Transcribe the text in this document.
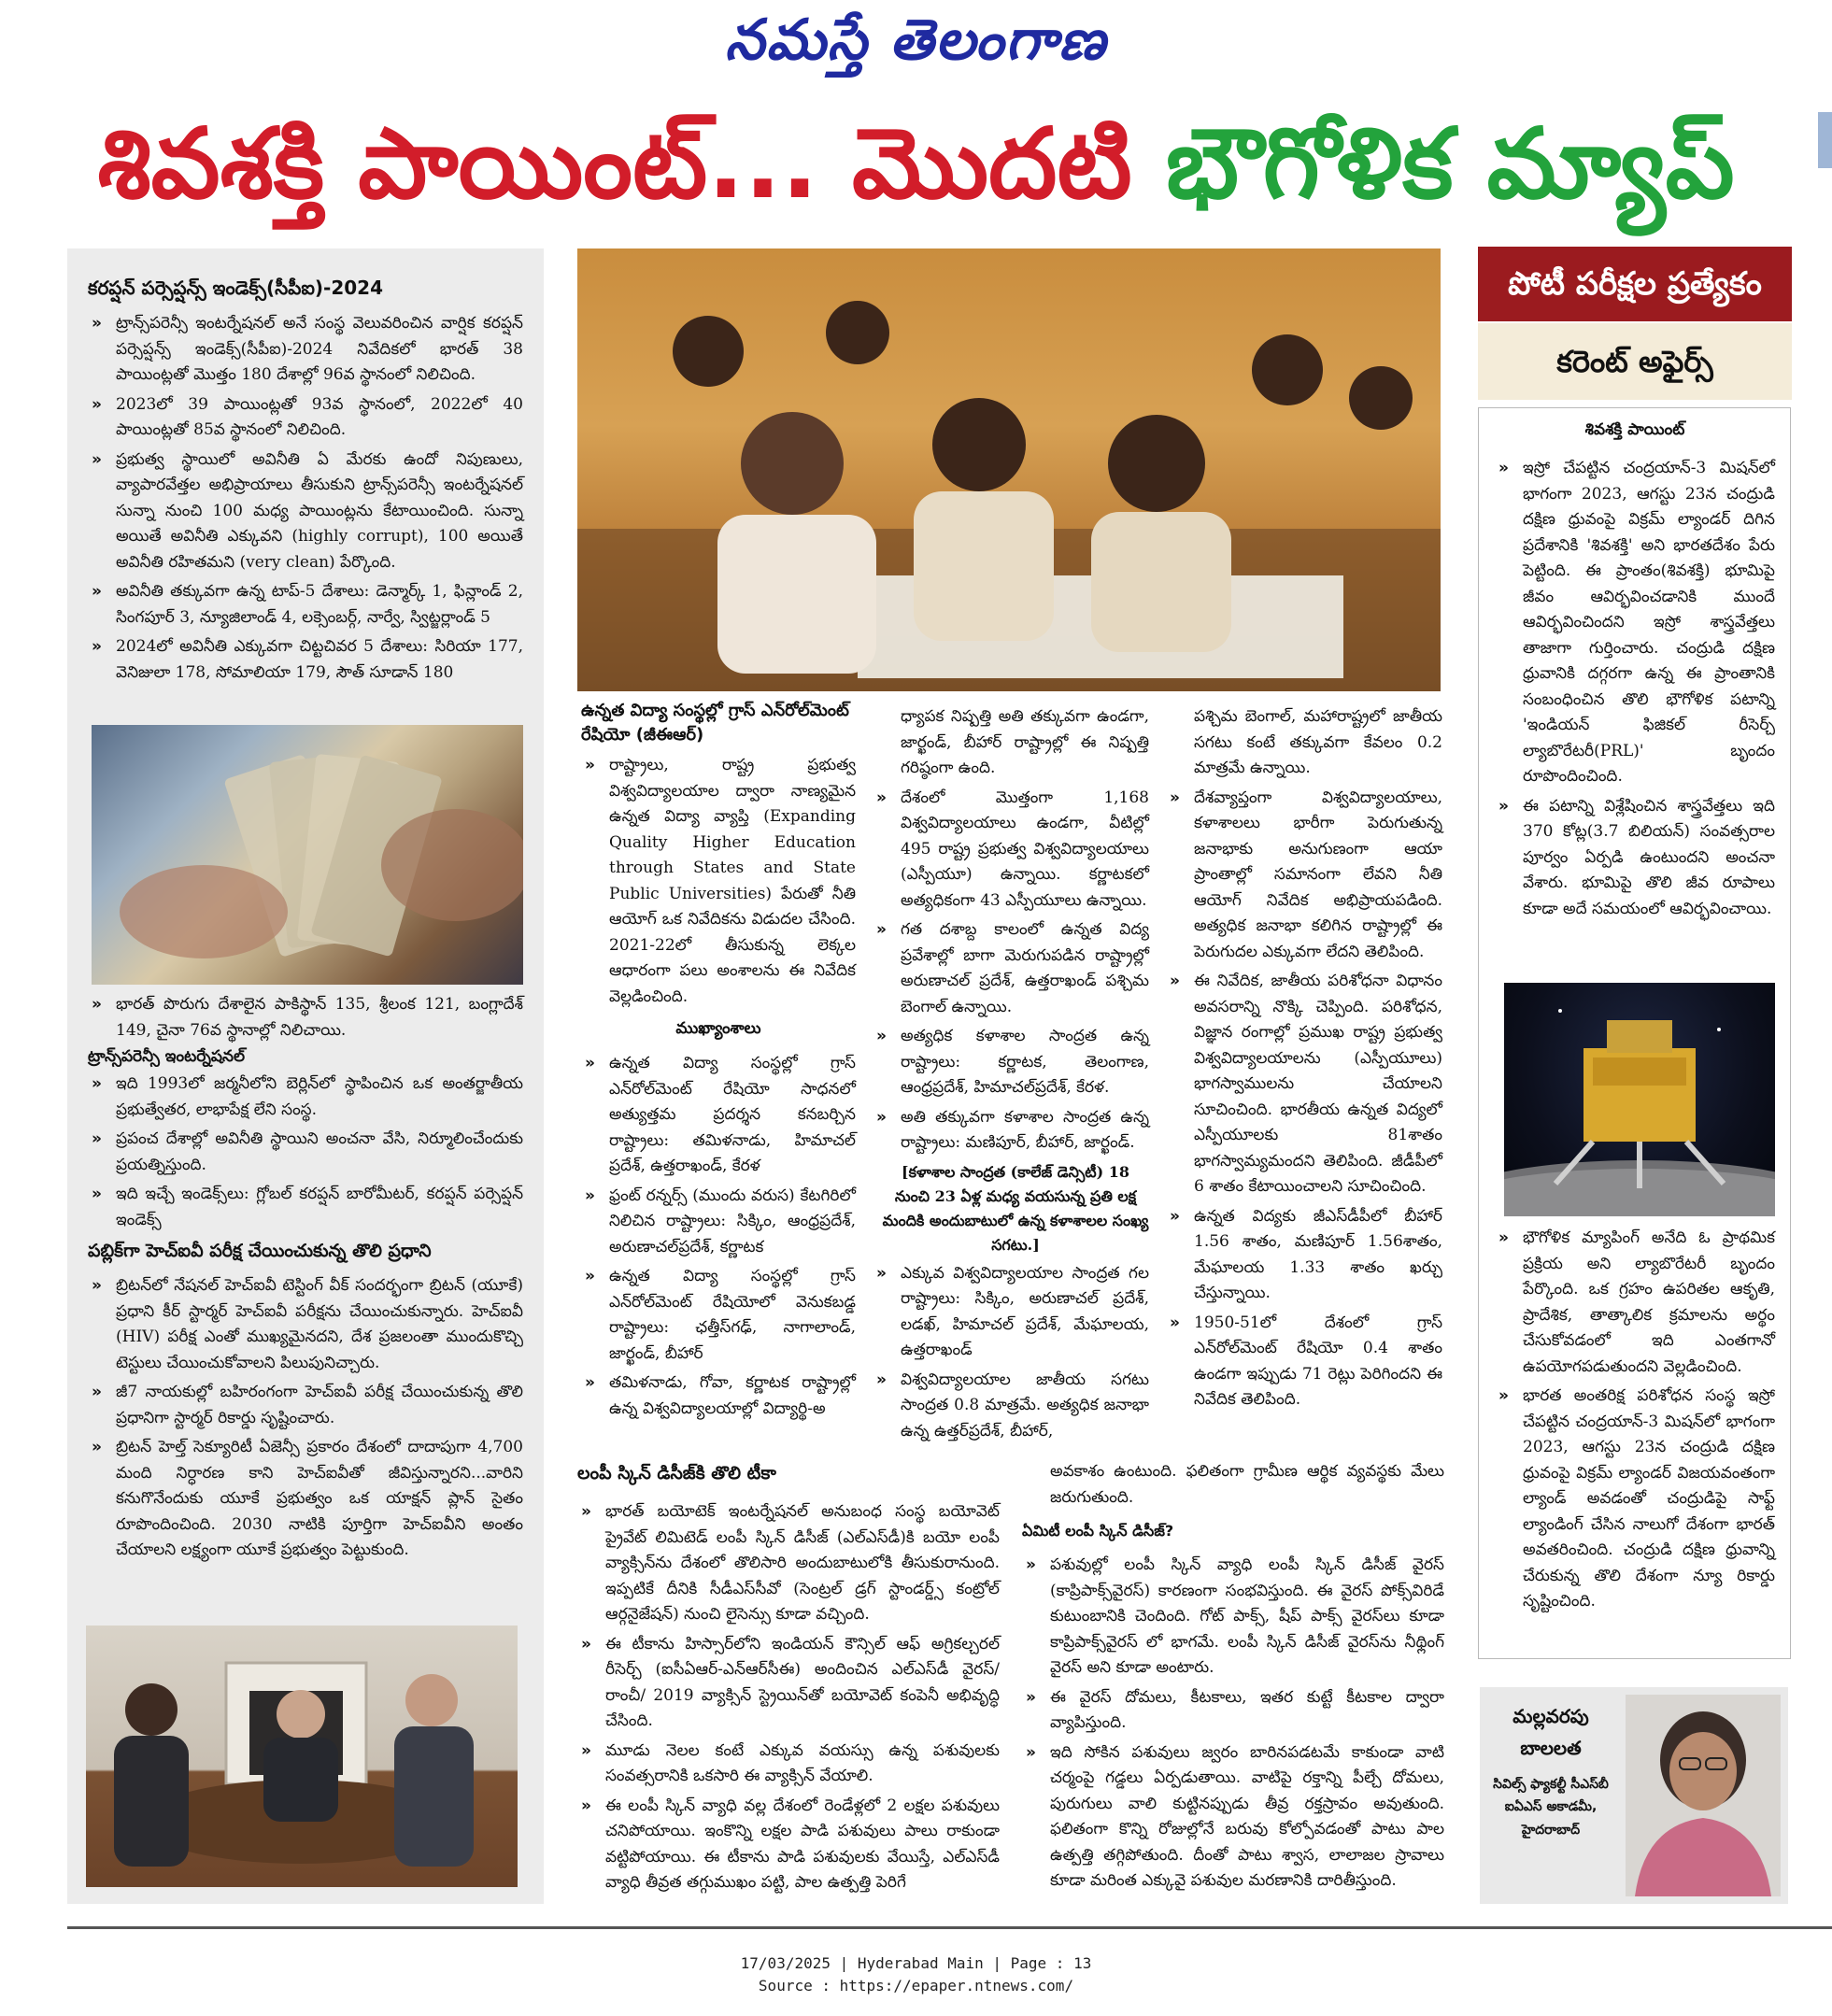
నమస్తే తెలంగాణ
శివశక్తి పాయింట్... మొదటి భౌగోళిక మ్యాప్
కరప్షన్ పర్సెప్షన్స్ ఇండెక్స్(సీపీఐ)-2024
» ట్రాన్స్‌పరెన్సీ ఇంటర్నేషనల్ అనే సంస్థ వెలువరించిన వార్షిక కరప్షన్ పర్సెప్షన్స్ ఇండెక్స్(సీపీఐ)-2024 నివేదికలో భారత్ 38 పాయింట్లతో మొత్తం 180 దేశాల్లో 96వ స్థానంలో నిలిచింది.
» 2023లో 39 పాయింట్లతో 93వ స్థానంలో, 2022లో 40 పాయింట్లతో 85వ స్థానంలో నిలిచింది.
» ప్రభుత్వ స్థాయిలో అవినీతి ఏ మేరకు ఉందో నిపుణులు, వ్యాపారవేత్తల అభిప్రాయాలు తీసుకుని ట్రాన్స్‌పరెన్సీ ఇంటర్నేషనల్ సున్నా నుంచి 100 మధ్య పాయింట్లను కేటాయించింది. సున్నా అయితే అవినీతి ఎక్కువని (highly corrupt), 100 అయితే అవినీతి రహితమని (very clean) పేర్కొంది.
» అవినీతి తక్కువగా ఉన్న టాప్-5 దేశాలు: డెన్మార్క్ 1, ఫిన్లాండ్ 2, సింగపూర్ 3, న్యూజిలాండ్ 4, లక్సెంబర్గ్, నార్వే, స్విట్జర్లాండ్ 5
» 2024లో అవినీతి ఎక్కువగా చిట్టచివర 5 దేశాలు: సిరియా 177, వెనిజులా 178, సోమాలియా 179, సౌత్ సూడాన్ 180
» భారత్ పొరుగు దేశాలైన పాకిస్థాన్ 135, శ్రీలంక 121, బంగ్లాదేశ్ 149, చైనా 76వ స్థానాల్లో నిలిచాయి.
ట్రాన్స్‌పరెన్సీ ఇంటర్నేషనల్
» ఇది 1993లో జర్మనీలోని బెర్లిన్‌లో స్థాపించిన ఒక అంతర్జాతీయ ప్రభుత్వేతర, లాభాపేక్ష లేని సంస్థ.
» ప్రపంచ దేశాల్లో అవినీతి స్థాయిని అంచనా వేసి, నిర్మూలించేందుకు ప్రయత్నిస్తుంది.
» ఇది ఇచ్చే ఇండెక్స్‌లు: గ్లోబల్ కరప్షన్ బారోమీటర్, కరప్షన్ పర్సెప్షన్ ఇండెక్స్
పబ్లిక్‌గా హెచ్‌ఐవీ పరీక్ష చేయించుకున్న తొలి ప్రధాని
» బ్రిటన్‌లో నేషనల్ హెచ్‌ఐవీ టెస్టింగ్ వీక్ సందర్భంగా బ్రిటన్ (యూకే) ప్రధాని కీర్ స్టార్మర్ హెచ్‌ఐవీ పరీక్షను చేయించుకున్నారు. హెచ్‌ఐవీ (HIV) పరీక్ష ఎంతో ముఖ్యమైనదని, దేశ ప్రజలంతా ముందుకొచ్చి టెస్టులు చేయించుకోవాలని పిలుపునిచ్చారు.
» జీ7 నాయకుల్లో బహిరంగంగా హెచ్‌ఐవీ పరీక్ష చేయించుకున్న తొలి ప్రధానిగా స్టార్మర్ రికార్డు సృష్టించారు.
» బ్రిటన్ హెల్త్ సెక్యూరిటీ ఏజెన్సీ ప్రకారం దేశంలో దాదాపుగా 4,700 మంది నిర్ధారణ కాని హెచ్‌ఐవీతో జీవిస్తున్నారని...వారిని కనుగొనేందుకు యూకే ప్రభుత్వం ఒక యాక్షన్ ప్లాన్ సైతం రూపొందించింది. 2030 నాటికి పూర్తిగా హెచ్‌ఐవీని అంతం చేయాలని లక్ష్యంగా యూకే ప్రభుత్వం పెట్టుకుంది.
ఉన్నత విద్యా సంస్థల్లో గ్రాస్ ఎన్‌రోల్‌మెంట్ రేషియో (జీఈఆర్)
» రాష్ట్రాలు, రాష్ట్ర ప్రభుత్వ విశ్వవిద్యాలయాల ద్వారా నాణ్యమైన ఉన్నత విద్యా వ్యాప్తి (Expanding Quality Higher Education through States and State Public Universities) పేరుతో నీతి ఆయోగ్ ఒక నివేదికను విడుదల చేసింది. 2021-22లో తీసుకున్న లెక్కల ఆధారంగా పలు అంశాలను ఈ నివేదిక వెల్లడించింది.
ముఖ్యాంశాలు
» ఉన్నత విద్యా సంస్థల్లో గ్రాస్ ఎన్‌రోల్‌మెంట్ రేషియో సాధనలో అత్యుత్తమ ప్రదర్శన కనబర్చిన రాష్ట్రాలు: తమిళనాడు, హిమాచల్ ప్రదేశ్, ఉత్తరాఖండ్, కేరళ
» ఫ్రంట్ రన్నర్స్ (ముందు వరుస) కేటగిరిలో నిలిచిన రాష్ట్రాలు: సిక్కిం, ఆంధ్రప్రదేశ్, అరుణాచల్‌ప్రదేశ్, కర్ణాటక
» ఉన్నత విద్యా సంస్థల్లో గ్రాస్ ఎన్‌రోల్‌మెంట్ రేషియోలో వెనుకబడ్డ రాష్ట్రాలు: ఛత్తీస్‌గఢ్, నాగాలాండ్, జార్ఖండ్, బీహార్
» తమిళనాడు, గోవా, కర్ణాటక రాష్ట్రాల్లో ఉన్న విశ్వవిద్యాలయాల్లో విద్యార్థి-అ
ధ్యాపక నిష్పత్తి అతి తక్కువగా ఉండగా, జార్ఖండ్, బీహార్ రాష్ట్రాల్లో ఈ నిష్పత్తి గరిష్ఠంగా ఉంది.
» దేశంలో మొత్తంగా 1,168 విశ్వవిద్యాలయాలు ఉండగా, వీటిల్లో 495 రాష్ట్ర ప్రభుత్వ విశ్వవిద్యాలయాలు (ఎస్పీయూ) ఉన్నాయి. కర్ణాటకలో అత్యధికంగా 43 ఎస్పీయూలు ఉన్నాయి.
» గత దశాబ్ద కాలంలో ఉన్నత విద్య ప్రవేశాల్లో బాగా మెరుగుపడిన రాష్ట్రాల్లో అరుణాచల్ ప్రదేశ్, ఉత్తరాఖండ్ పశ్చిమ బెంగాల్ ఉన్నాయి.
» అత్యధిక కళాశాల సాంద్రత ఉన్న రాష్ట్రాలు: కర్ణాటక, తెలంగాణ, ఆంధ్రప్రదేశ్, హిమాచల్‌ప్రదేశ్, కేరళ.
» అతి తక్కువగా కళాశాల సాంద్రత ఉన్న రాష్ట్రాలు: మణిపూర్, బీహార్, జార్ఖండ్.
[కళాశాల సాంద్రత (కాలేజ్ డెన్సిటీ) 18 నుంచి 23 ఏళ్ల మధ్య వయసున్న ప్రతి లక్ష మందికి అందుబాటులో ఉన్న కళాశాలల సంఖ్య సగటు.]
» ఎక్కువ విశ్వవిద్యాలయాల సాంద్రత గల రాష్ట్రాలు: సిక్కిం, అరుణాచల్ ప్రదేశ్, లడఖ్, హిమాచల్ ప్రదేశ్, మేఘాలయ, ఉత్తరాఖండ్
» విశ్వవిద్యాలయాల జాతీయ సగటు సాంద్రత 0.8 మాత్రమే. అత్యధిక జనాభా ఉన్న ఉత్తర్‌ప్రదేశ్, బీహార్,
పశ్చిమ బెంగాల్, మహారాష్ట్రలో జాతీయ సగటు కంటే తక్కువగా కేవలం 0.2 మాత్రమే ఉన్నాయి.
» దేశవ్యాప్తంగా విశ్వవిద్యాలయాలు, కళాశాలలు భారీగా పెరుగుతున్న జనాభాకు అనుగుణంగా ఆయా ప్రాంతాల్లో సమానంగా లేవని నీతి ఆయోగ్ నివేదిక అభిప్రాయపడింది. అత్యధిక జనాభా కలిగిన రాష్ట్రాల్లో ఈ పెరుగుదల ఎక్కువగా లేదని తెలిపింది.
» ఈ నివేదిక, జాతీయ పరిశోధనా విధానం అవసరాన్ని నొక్కి చెప్పింది. పరిశోధన, విజ్ఞాన రంగాల్లో ప్రముఖ రాష్ట్ర ప్రభుత్వ విశ్వవిద్యాలయాలను (ఎస్పీయూలు) భాగస్వాములను చేయాలని సూచించింది. భారతీయ ఉన్నత విద్యలో ఎస్పీయూలకు 81శాతం భాగస్వామ్యమందని తెలిపింది. జీడీపీలో 6 శాతం కేటాయించాలని సూచించింది.
» ఉన్నత విద్యకు జీఎస్‌డీపీలో బీహార్ 1.56 శాతం, మణిపూర్ 1.56శాతం, మేఘాలయ 1.33 శాతం ఖర్చు చేస్తున్నాయి.
» 1950-51లో దేశంలో గ్రాస్ ఎన్‌రోల్‌మెంట్ రేషియో 0.4 శాతం ఉండగా ఇప్పుడు 71 రెట్లు పెరిగిందని ఈ నివేదిక తెలిపింది.
లంపీ స్కిన్ డిసీజ్‌కి తొలి టీకా
» భారత్ బయోటెక్ ఇంటర్నేషనల్ అనుబంధ సంస్థ బయోవెట్ ప్రైవేట్ లిమిటెడ్ లంపీ స్కిన్ డిసీజ్ (ఎల్‌ఎస్‌డీ)కి బయో లంపీ వ్యాక్సిన్‌ను దేశంలో తొలిసారి అందుబాటులోకి తీసుకురానుంది. ఇప్పటికే దీనికి సీడీఎస్‌సీవో (సెంట్రల్ డ్రగ్ స్టాండర్డ్స్ కంట్రోల్ ఆర్గనైజేషన్) నుంచి లైసెన్సు కూడా వచ్చింది.
» ఈ టీకాను హిస్సార్‌లోని ఇండియన్ కౌన్సిల్ ఆఫ్ అగ్రికల్చరల్ రీసెర్చ్ (ఐసీఏఆర్-ఎన్‌ఆర్‌సీఈ) అందించిన ఎల్‌ఎస్‌డీ వైరస్/రాంచీ/ 2019 వ్యాక్సిన్ స్ట్రెయిన్‌తో బయోవెట్ కంపెనీ అభివృద్ధి చేసింది.
» మూడు నెలల కంటే ఎక్కువ వయస్సు ఉన్న పశువులకు సంవత్సరానికి ఒకసారి ఈ వ్యాక్సిన్ వేయాలి.
» ఈ లంపీ స్కిన్ వ్యాధి వల్ల దేశంలో రెండేళ్లలో 2 లక్షల పశువులు చనిపోయాయి. ఇంకొన్ని లక్షల పాడి పశువులు పాలు రాకుండా వట్టిపోయాయి. ఈ టీకాను పాడి పశువులకు వేయిస్తే, ఎల్‌ఎస్‌డీ వ్యాధి తీవ్రత తగ్గుముఖం పట్టి, పాల ఉత్పత్తి పెరిగే
అవకాశం ఉంటుంది. ఫలితంగా గ్రామీణ ఆర్థిక వ్యవస్థకు మేలు జరుగుతుంది.
ఏమిటీ లంపీ స్కిన్ డిసీజ్?
» పశువుల్లో లంపీ స్కిన్ వ్యాధి లంపీ స్కిన్ డిసీజ్ వైరస్ (కాప్రిపాక్స్‌వైరస్) కారణంగా సంభవిస్తుంది. ఈ వైరస్ పోక్స్‌విరిడే కుటుంబానికి చెందింది. గోట్ పాక్స్, షీప్ పాక్స్ వైరస్‌లు కూడా కాప్రిపాక్స్‌వైరస్ లో భాగమే. లంపీ స్కిన్ డిసీజ్ వైరస్‌ను నీథ్లింగ్ వైరస్ అని కూడా అంటారు.
» ఈ వైరస్ దోమలు, కీటకాలు, ఇతర కుట్టే కీటకాల ద్వారా వ్యాపిస్తుంది.
» ఇది సోకిన పశువులు జ్వరం బారినపడటమే కాకుండా వాటి చర్మంపై గడ్డలు ఏర్పడుతాయి. వాటిపై రక్తాన్ని పీల్చే దోమలు, పురుగులు వాలి కుట్టినప్పుడు తీవ్ర రక్తస్రావం అవుతుంది. ఫలితంగా కొన్ని రోజుల్లోనే బరువు కోల్పోవడంతో పాటు పాల ఉత్పత్తి తగ్గిపోతుంది. దీంతో పాటు శ్వాస, లాలాజల స్రావాలు కూడా మరింత ఎక్కువై పశువుల మరణానికి దారితీస్తుంది.
పోటీ పరీక్షల ప్రత్యేకం
కరెంట్ అఫైర్స్
శివశక్తి పాయింట్
» ఇస్రో చేపట్టిన చంద్రయాన్-3 మిషన్‌లో భాగంగా 2023, ఆగస్టు 23న చంద్రుడి దక్షిణ ధ్రువంపై విక్రమ్ ల్యాండర్ దిగిన ప్రదేశానికి 'శివశక్తి' అని భారతదేశం పేరు పెట్టింది. ఈ ప్రాంతం(శివశక్తి) భూమిపై జీవం ఆవిర్భవించడానికి ముందే ఆవిర్భవించిందని ఇస్రో శాస్త్రవేత్తలు తాజాగా గుర్తించారు. చంద్రుడి దక్షిణ ధ్రువానికి దగ్గరగా ఉన్న ఈ ప్రాంతానికి సంబంధించిన తొలి భౌగోళిక పటాన్ని 'ఇండియన్ ఫిజికల్ రీసెర్చ్ ల్యాబొరేటరీ(PRL)' బృందం రూపొందించింది.
» ఈ పటాన్ని విశ్లేషించిన శాస్త్రవేత్తలు ఇది 370 కోట్ల(3.7 బిలియన్) సంవత్సరాల పూర్వం ఏర్పడి ఉంటుందని అంచనా వేశారు. భూమిపై తొలి జీవ రూపాలు కూడా అదే సమయంలో ఆవిర్భవించాయి.
» భౌగోళిక మ్యాపింగ్ అనేది ఓ ప్రాథమిక ప్రక్రియ అని ల్యాబొరేటరీ బృందం పేర్కొంది. ఒక గ్రహం ఉపరితల ఆకృతి, ప్రాదేశిక, తాత్కాలిక క్రమాలను అర్థం చేసుకోవడంలో ఇది ఎంతగానో ఉపయోగపడుతుందని వెల్లడించింది.
» భారత అంతరిక్ష పరిశోధన సంస్థ ఇస్రో చేపట్టిన చంద్రయాన్-3 మిషన్‌లో భాగంగా 2023, ఆగస్టు 23న చంద్రుడి దక్షిణ ధ్రువంపై విక్రమ్ ల్యాండర్ విజయవంతంగా ల్యాండ్ అవడంతో చంద్రుడిపై సాఫ్ట్ ల్యాండింగ్ చేసిన నాలుగో దేశంగా భారత్ అవతరించింది. చంద్రుడి దక్షిణ ధ్రువాన్ని చేరుకున్న తొలి దేశంగా న్యూ రికార్డు సృష్టించింది.
మల్లవరపు
బాలలత
సివిల్స్ ఫ్యాకల్టీ సీఎస్‌బీ ఐఏఎస్ అకాడమీ,
హైదరాబాద్
17/03/2025 | Hyderabad Main | Page : 13
Source : https://epaper.ntnews.com/
